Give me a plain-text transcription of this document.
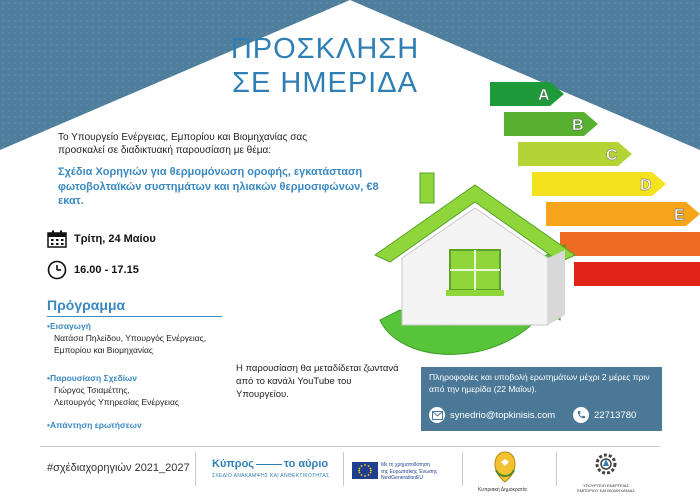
ΠΡΟΣΚΛΗΣΗ
ΣΕ ΗΜΕΡΙΔΑ
Το Υπουργείο Ενέργειας, Εμπορίου και Βιομηχανίας σας προσκαλεί σε διαδικτυακή παρουσίαση με θέμα:
Σχέδια Χορηγιών για θερμομόνωση οροφής, εγκατάσταση φωτοβολταϊκών συστημάτων και ηλιακών θερμοσιφώνων, €8 εκατ.
Τρίτη, 24 Μαίου
16.00 - 17.15
Πρόγραμμα
•Εισαγωγή
Νατάσα Πηλείδου, Υπουργός Ενέργειας,
Εμπορίου και Βιομηχανίας
•Παρουσίαση Σχεδίων
Γιώργος Τσιαμέττης,
Λειτουργός Υπηρεσίας Ενέργειας
•Απάντηση ερωτήσεων
Η παρουσίαση θα μεταδίδεται ζωντανά από το κανάλι YouTube του Υπουργείου.
A
B
C
D
E
Πληροφορίες και υποβολή ερωτημάτων μέχρι 2 μέρες πριν από την ημερίδα (22 Μαΐου).
synedrio@topkinisis.com	22713780
#σχέδιαχορηγιών 2021_2027 Κύπρος	το αύριο
ΣΧΕΔΙΟ ΑΝΑΚΑΜΨΗΣ ΚΑΙ ΑΝΘΕΚΤΙΚΟΤΗΤΑΣ
Με τη χρηματοδότηση
της Ευρωπαϊκής Ένωσης
NextGenerationEU
Κυπριακή Δημοκρατία
ΥΠΟΥΡΓΕΙΟ ΕΝΕΡΓΕΙΑΣ
ΕΜΠΟΡΙΟΥ ΚΑΙ ΒΙΟΜΗΧΑΝΙΑΣ
